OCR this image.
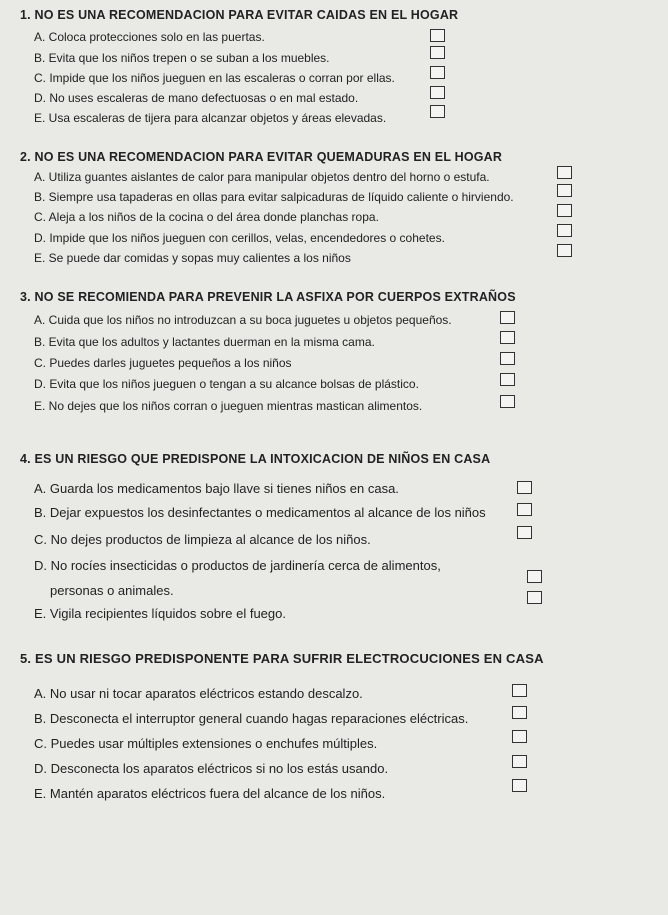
1. NO ES UNA RECOMENDACION PARA EVITAR CAIDAS EN EL HOGAR
A. Coloca protecciones solo en las puertas.
B. Evita que los niños trepen o se suban a los muebles.
C. Impide que los niños jueguen en las escaleras o corran por ellas.
D. No uses escaleras de mano defectuosas o en mal estado.
E. Usa escaleras de tijera para alcanzar objetos y áreas elevadas.
2. NO ES UNA RECOMENDACION PARA EVITAR QUEMADURAS EN EL HOGAR
A. Utiliza guantes aislantes de calor para manipular objetos dentro del horno o estufa.
B. Siempre usa tapaderas en ollas para evitar salpicaduras de líquido caliente o hirviendo.
C. Aleja a los niños de la cocina o del área donde planchas ropa.
D. Impide que los niños jueguen con cerillos, velas, encendedores o cohetes.
E. Se puede dar comidas y sopas muy calientes a los niños
3. NO SE RECOMIENDA PARA PREVENIR LA ASFIXA POR CUERPOS EXTRAÑOS
A. Cuida que los niños no introduzcan a su boca juguetes u objetos pequeños.
B. Evita que los adultos y lactantes duerman en la misma cama.
C. Puedes darles juguetes pequeños a los niños
D. Evita que los niños jueguen o tengan a su alcance bolsas de plástico.
E. No dejes que los niños corran o jueguen mientras mastican alimentos.
4. ES UN RIESGO QUE PREDISPONE LA INTOXICACION DE NIÑOS EN CASA
A. Guarda los medicamentos bajo llave si tienes niños en casa.
B. Dejar expuestos los desinfectantes o medicamentos al alcance de los niños
C. No dejes productos de limpieza al alcance de los niños.
D. No rocíes insecticidas o productos de jardinería cerca de alimentos,
personas o animales.
E. Vigila recipientes líquidos sobre el fuego.
5. ES UN RIESGO PREDISPONENTE PARA SUFRIR ELECTROCUCIONES EN CASA
A. No usar ni tocar aparatos eléctricos estando descalzo.
B. Desconecta el interruptor general cuando hagas reparaciones eléctricas.
C. Puedes usar múltiples extensiones o enchufes múltiples.
D. Desconecta los aparatos eléctricos si no los estás usando.
E. Mantén aparatos eléctricos fuera del alcance de los niños.
